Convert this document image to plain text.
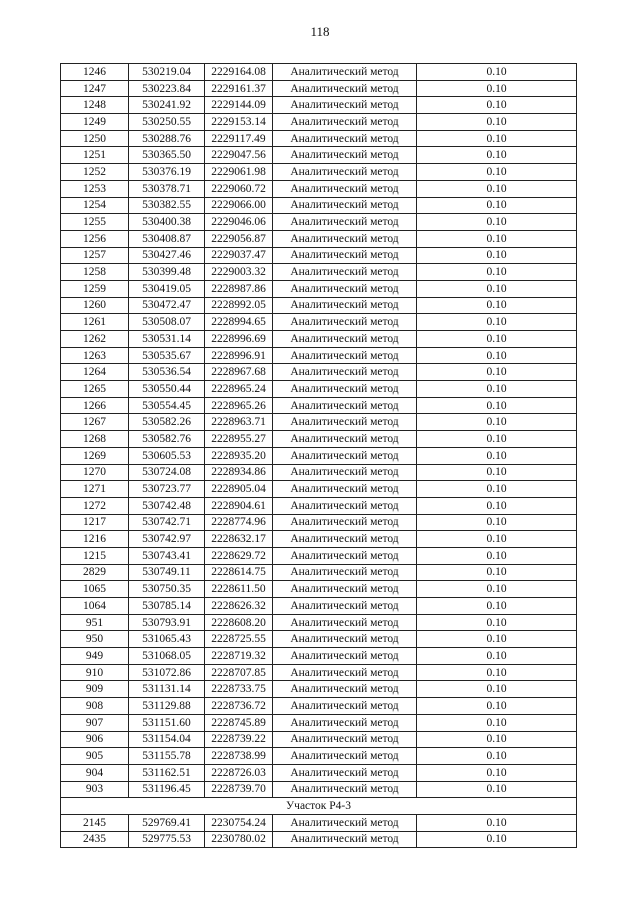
118
1246	530219.04	2229164.08	Аналитический метод	0.10
1247	530223.84	2229161.37	Аналитический метод	0.10
1248	530241.92	2229144.09	Аналитический метод	0.10
1249	530250.55	2229153.14	Аналитический метод	0.10
1250	530288.76	2229117.49	Аналитический метод	0.10
1251	530365.50	2229047.56	Аналитический метод	0.10
1252	530376.19	2229061.98	Аналитический метод	0.10
1253	530378.71	2229060.72	Аналитический метод	0.10
1254	530382.55	2229066.00	Аналитический метод	0.10
1255	530400.38	2229046.06	Аналитический метод	0.10
1256	530408.87	2229056.87	Аналитический метод	0.10
1257	530427.46	2229037.47	Аналитический метод	0.10
1258	530399.48	2229003.32	Аналитический метод	0.10
1259	530419.05	2228987.86	Аналитический метод	0.10
1260	530472.47	2228992.05	Аналитический метод	0.10
1261	530508.07	2228994.65	Аналитический метод	0.10
1262	530531.14	2228996.69	Аналитический метод	0.10
1263	530535.67	2228996.91	Аналитический метод	0.10
1264	530536.54	2228967.68	Аналитический метод	0.10
1265	530550.44	2228965.24	Аналитический метод	0.10
1266	530554.45	2228965.26	Аналитический метод	0.10
1267	530582.26	2228963.71	Аналитический метод	0.10
1268	530582.76	2228955.27	Аналитический метод	0.10
1269	530605.53	2228935.20	Аналитический метод	0.10
1270	530724.08	2228934.86	Аналитический метод	0.10
1271	530723.77	2228905.04	Аналитический метод	0.10
1272	530742.48	2228904.61	Аналитический метод	0.10
1217	530742.71	2228774.96	Аналитический метод	0.10
1216	530742.97	2228632.17	Аналитический метод	0.10
1215	530743.41	2228629.72	Аналитический метод	0.10
2829	530749.11	2228614.75	Аналитический метод	0.10
1065	530750.35	2228611.50	Аналитический метод	0.10
1064	530785.14	2228626.32	Аналитический метод	0.10
951	530793.91	2228608.20	Аналитический метод	0.10
950	531065.43	2228725.55	Аналитический метод	0.10
949	531068.05	2228719.32	Аналитический метод	0.10
910	531072.86	2228707.85	Аналитический метод	0.10
909	531131.14	2228733.75	Аналитический метод	0.10
908	531129.88	2228736.72	Аналитический метод	0.10
907	531151.60	2228745.89	Аналитический метод	0.10
906	531154.04	2228739.22	Аналитический метод	0.10
905	531155.78	2228738.99	Аналитический метод	0.10
904	531162.51	2228726.03	Аналитический метод	0.10
903	531196.45	2228739.70	Аналитический метод	0.10
Участок Р4-3				
2145	529769.41	2230754.24	Аналитический метод	0.10
2435	529775.53	2230780.02	Аналитический метод	0.10
